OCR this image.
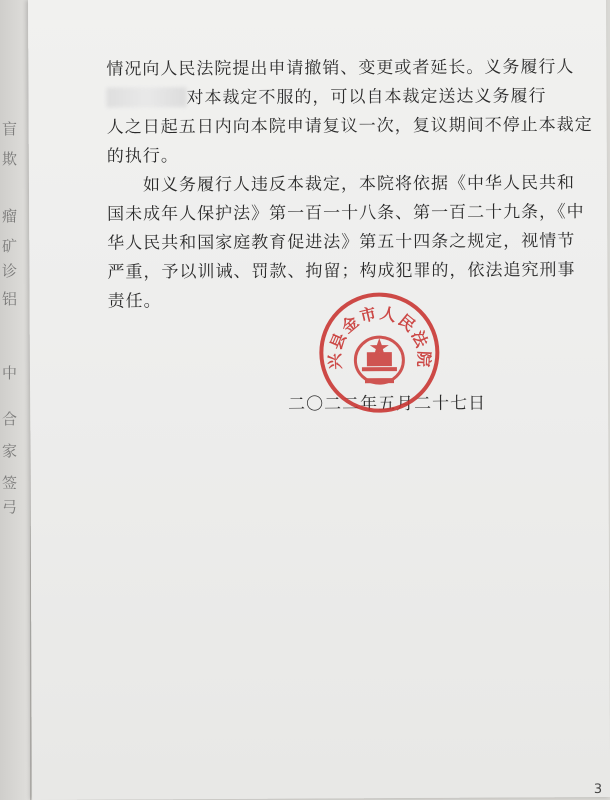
盲
欺
瘤
矿
诊
铝
中
合
家
签
弓
情况向人民法院提出申请撤销、变更或者延长。义务履行人
对本裁定不服的，可以自本裁定送达义务履行
人之日起五日内向本院申请复议一次，复议期间不停止本裁定
的执行。
如义务履行人违反本裁定，本院将依据《中华人民共和
国未成年人保护法》第一百一十八条、第一百二十九条，《中
华人民共和国家庭教育促进法》第五十四条之规定，视情节
严重，予以训诫、罚款、拘留；构成犯罪的，依法追究刑事
责任。
二〇二二年五月二十七日
兴县金市人民法院
3
